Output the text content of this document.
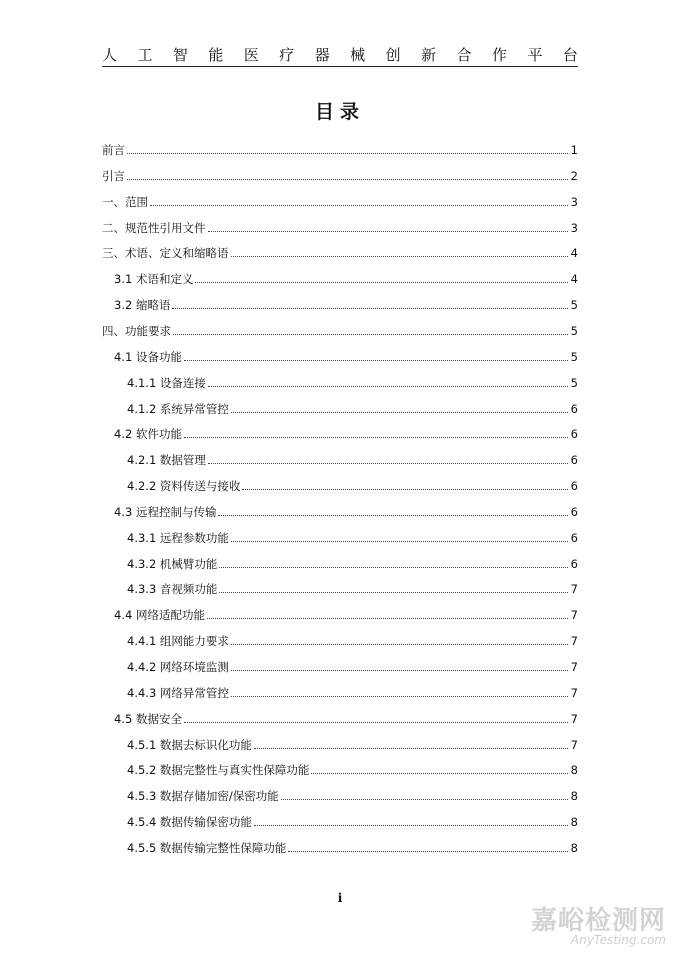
人 工 智 能 医 疗 器 械 创 新 合 作 平 台
目录
前言	1
引言	2
一、范围	3
二、规范性引用文件	3
三、术语、定义和缩略语	4
3.1 术语和定义	4
3.2 缩略语	5
四、功能要求	5
4.1 设备功能	5
4.1.1 设备连接	5
4.1.2 系统异常管控	6
4.2 软件功能	6
4.2.1 数据管理	6
4.2.2 资料传送与接收	6
4.3 远程控制与传输	6
4.3.1 远程参数功能	6
4.3.2 机械臂功能	6
4.3.3 音视频功能	7
4.4 网络适配功能	7
4.4.1 组网能力要求	7
4.4.2 网络环境监测	7
4.4.3 网络异常管控	7
4.5 数据安全	7
4.5.1 数据去标识化功能	7
4.5.2 数据完整性与真实性保障功能	8
4.5.3 数据存储加密/保密功能	8
4.5.4 数据传输保密功能	8
4.5.5 数据传输完整性保障功能	8
i
嘉峪检测网
AnyTesting.com
